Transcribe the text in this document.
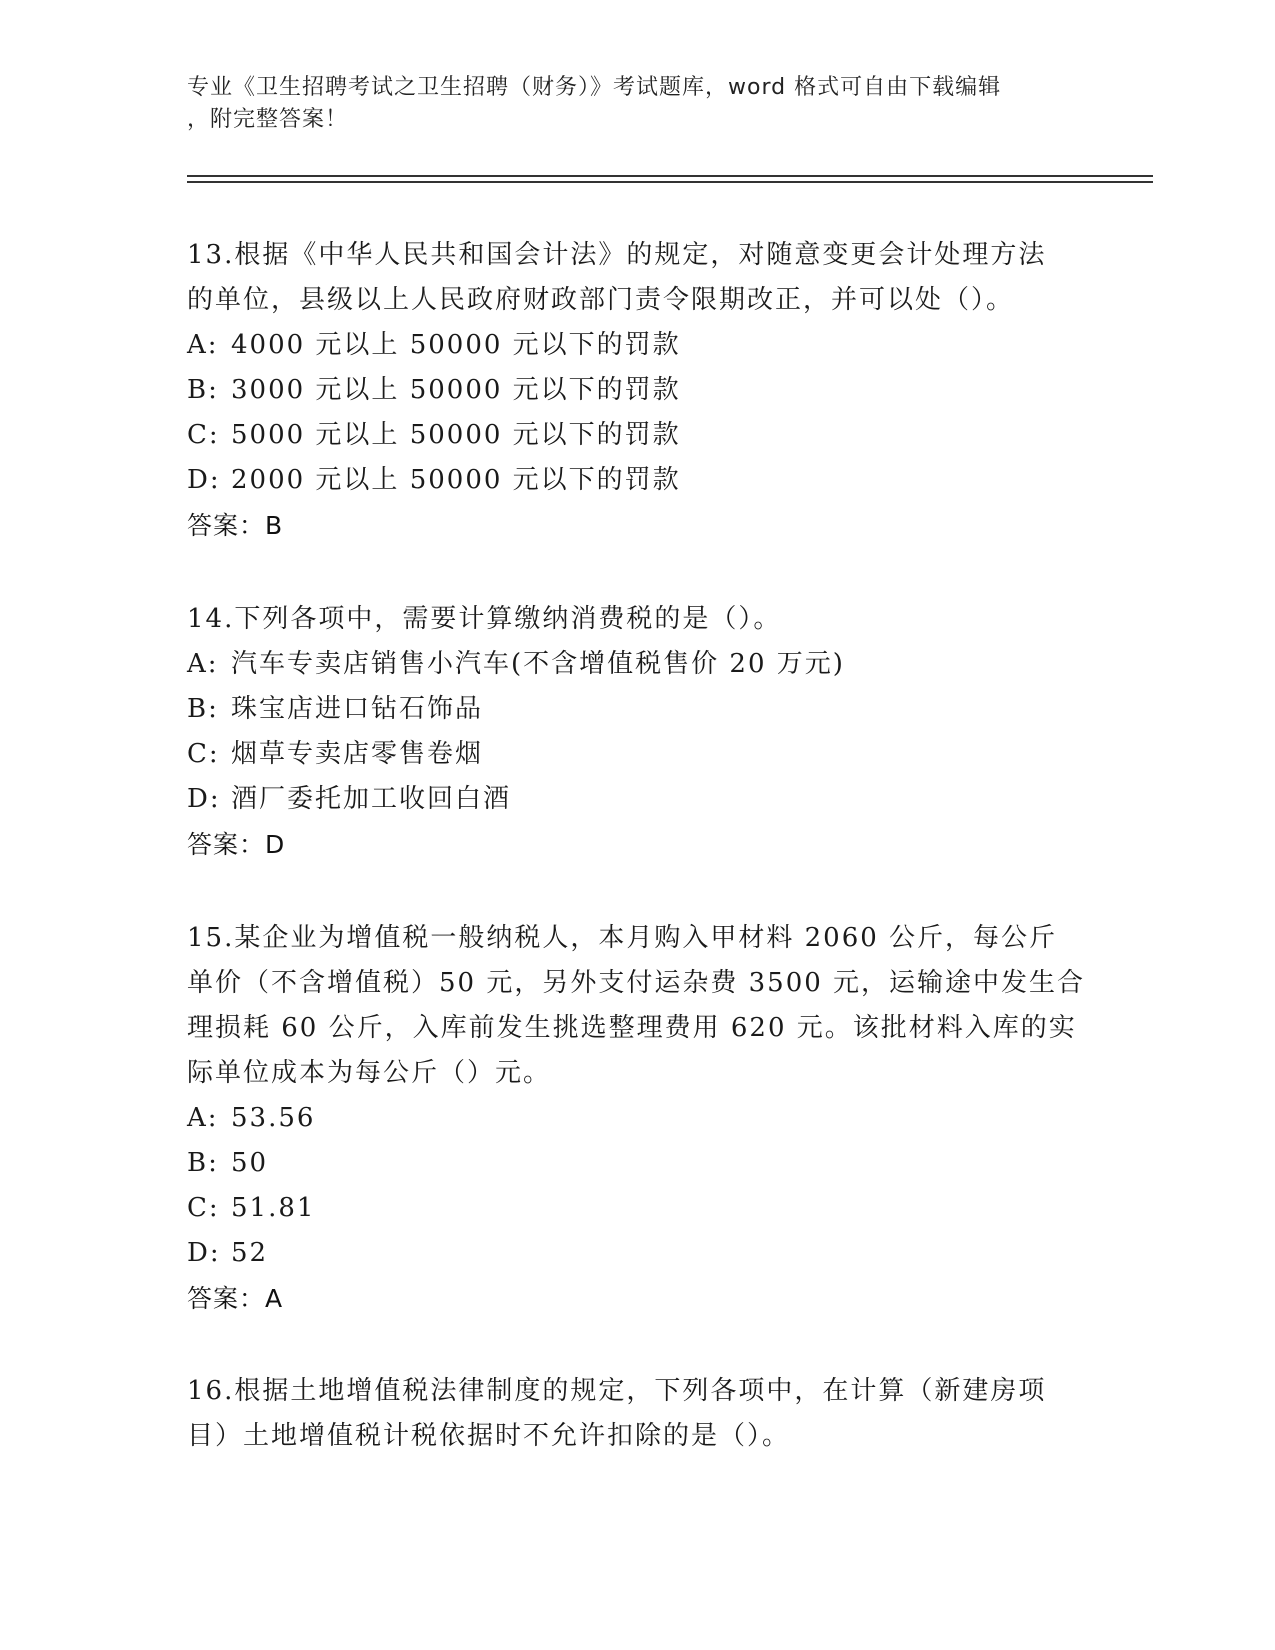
专业《卫生招聘考试之卫生招聘（财务）》考试题库，word 格式可自由下载编辑
，附完整答案！

13.根据《中华人民共和国会计法》的规定，对随意变更会计处理方法

的单位，县级以上人民政府财政部门责令限期改正，并可以处（）。

A: 4000 元以上 50000 元以下的罚款

B: 3000 元以上 50000 元以下的罚款

C: 5000 元以上 50000 元以下的罚款

D: 2000 元以上 50000 元以下的罚款

答案：B

14.下列各项中，需要计算缴纳消费税的是（）。

A: 汽车专卖店销售小汽车(不含增值税售价 20 万元)

B: 珠宝店进口钻石饰品

C: 烟草专卖店零售卷烟

D: 酒厂委托加工收回白酒

答案：D

15.某企业为增值税一般纳税人，本月购入甲材料 2060 公斤，每公斤

单价（不含增值税）50 元，另外支付运杂费 3500 元，运输途中发生合

理损耗 60 公斤，入库前发生挑选整理费用 620 元。该批材料入库的实

际单位成本为每公斤（）元。

A: 53.56

B: 50

C: 51.81

D: 52

答案：A

16.根据土地增值税法律制度的规定，下列各项中，在计算（新建房项

目）土地增值税计税依据时不允许扣除的是（）。
